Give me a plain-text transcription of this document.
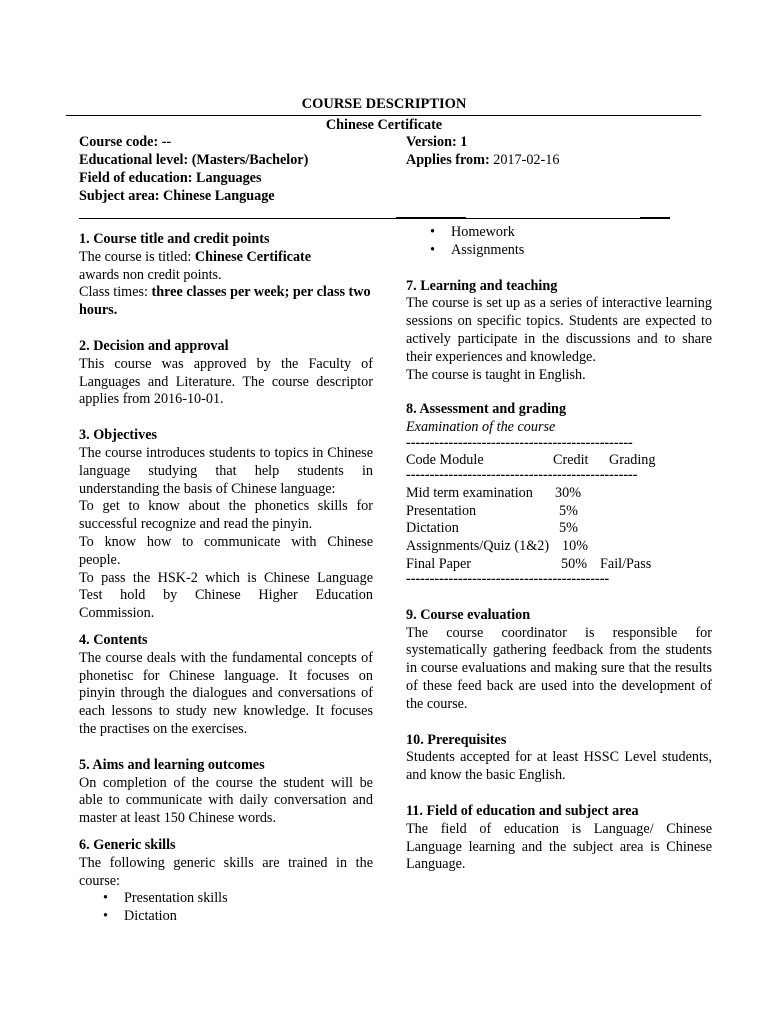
COURSE DESCRIPTION
Chinese Certificate
Course code: --
Educational level: (Masters/Bachelor)
Field of education: Languages
Subject area: Chinese Language
Version: 1
Applies from: 2017-02-16

1. Course title and credit points

The course is titled: Chinese Certificate

awards non credit points.

Class times: three classes per week; per class two hours.

2. Decision and approval

This course was approved by the Faculty of Languages and Literature. The course descriptor applies from 2016-10-01.

3. Objectives

The course introduces students to topics in Chinese language studying that help students in understanding the basis of Chinese language:

To get to know about the phonetics skills for successful recognize and read the pinyin.

To know how to communicate with Chinese people.

To pass the HSK-2 which is Chinese Language Test hold by Chinese Higher Education Commission.

4. Contents

The course deals with the fundamental concepts of phonetisc for Chinese language. It focuses on pinyin through the dialogues and conversations of each lessons to study new knowledge. It focuses the practises on the exercises.

5. Aims and learning outcomes

On completion of the course the student will be able to communicate with daily conversation and master at least 150 Chinese words.

6. Generic skills

The following generic skills are trained in the course:

• Presentation skills
• Dictation
• Homework
• Assignments

7. Learning and teaching

The course is set up as a series of interactive learning sessions on specific topics. Students are expected to actively participate in the discussions and to share their experiences and knowledge.

The course is taught in English.

8. Assessment and grading

Examination of the course

------------------------------------------------
Code Module	Credit Grading
-------------------------------------------------
Mid term examination 30%
Presentation	5%
Dictation	5%
Assignments/Quiz (1&2) 10%
Final Paper	50% Fail/Pass
-------------------------------------------

9. Course evaluation

The course coordinator is responsible for systematically gathering feedback from the students in course evaluations and making sure that the results of these feed back are used into the development of the course.

10. Prerequisites

Students accepted for at least HSSC Level students, and know the basic English.

11. Field of education and subject area

The field of education is Language/ Chinese Language learning and the subject area is Chinese Language.
